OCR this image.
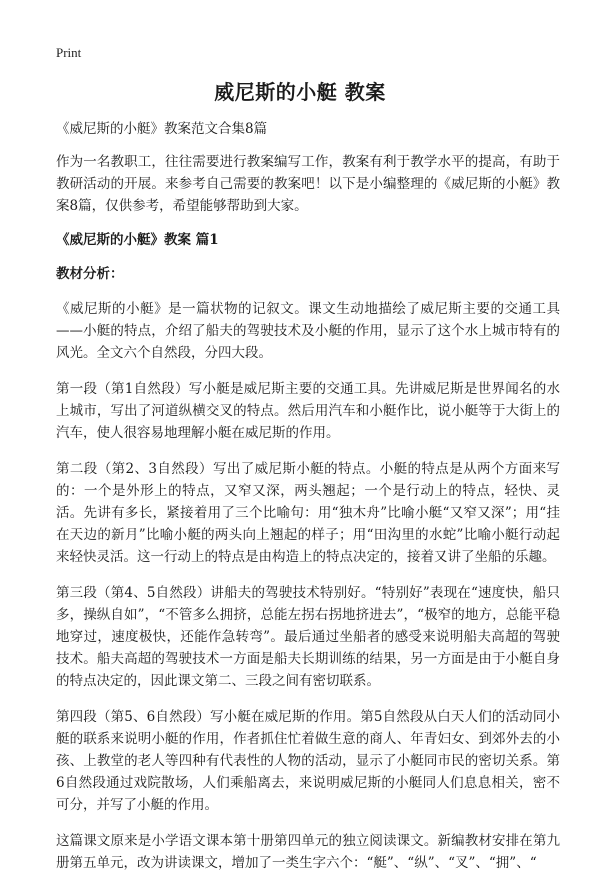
Print
威尼斯的小艇 教案

《威尼斯的小艇》教案范文合集8篇

作为一名教职工，往往需要进行教案编写工作，教案有利于教学水平的提高，有助于教研活动的开展。来参考自己需要的教案吧！以下是小编整理的《威尼斯的小艇》教案8篇，仅供参考，希望能够帮助到大家。

《威尼斯的小艇》教案 篇1

教材分析：

《威尼斯的小艇》是一篇状物的记叙文。课文生动地描绘了威尼斯主要的交通工具——小艇的特点，介绍了船夫的驾驶技术及小艇的作用，显示了这个水上城市特有的风光。全文六个自然段，分四大段。

第一段（第1自然段）写小艇是威尼斯主要的交通工具。先讲威尼斯是世界闻名的水上城市，写出了河道纵横交叉的特点。然后用汽车和小艇作比，说小艇等于大街上的汽车，使人很容易地理解小艇在威尼斯的作用。

第二段（第2、3自然段）写出了威尼斯小艇的特点。小艇的特点是从两个方面来写的：一个是外形上的特点，又窄又深，两头翘起；一个是行动上的特点，轻快、灵活。先讲有多长，紧接着用了三个比喻句：用“独木舟”比喻小艇“又窄又深”；用“挂在天边的新月”比喻小艇的两头向上翘起的样子；用“田沟里的水蛇”比喻小艇行动起来轻快灵活。这一行动上的特点是由构造上的特点决定的，接着又讲了坐船的乐趣。

第三段（第4、5自然段）讲船夫的驾驶技术特别好。“特别好”表现在“速度快，船只多，操纵自如”，“不管多么拥挤，总能左拐右拐地挤进去”，“极窄的地方，总能平稳地穿过，速度极快，还能作急转弯”。最后通过坐船者的感受来说明船夫高超的驾驶技术。船夫高超的驾驶技术一方面是船夫长期训练的结果，另一方面是由于小艇自身的特点决定的，因此课文第二、三段之间有密切联系。

第四段（第5、6自然段）写小艇在威尼斯的作用。第5自然段从白天人们的活动同小艇的联系来说明小艇的作用，作者抓住忙着做生意的商人、年青妇女、到郊外去的小孩、上教堂的老人等四种有代表性的人物的活动，显示了小艇同市民的密切关系。第6自然段通过戏院散场，人们乘船离去，来说明威尼斯的小艇同人们息息相关，密不可分，并写了小艇的作用。

这篇课文原来是小学语文课本第十册第四单元的独立阅读课文。新编教材安排在第九册第五单元，改为讲读课文，增加了一类生字六个：“艇”、“纵”、“叉”、“拥”、“
